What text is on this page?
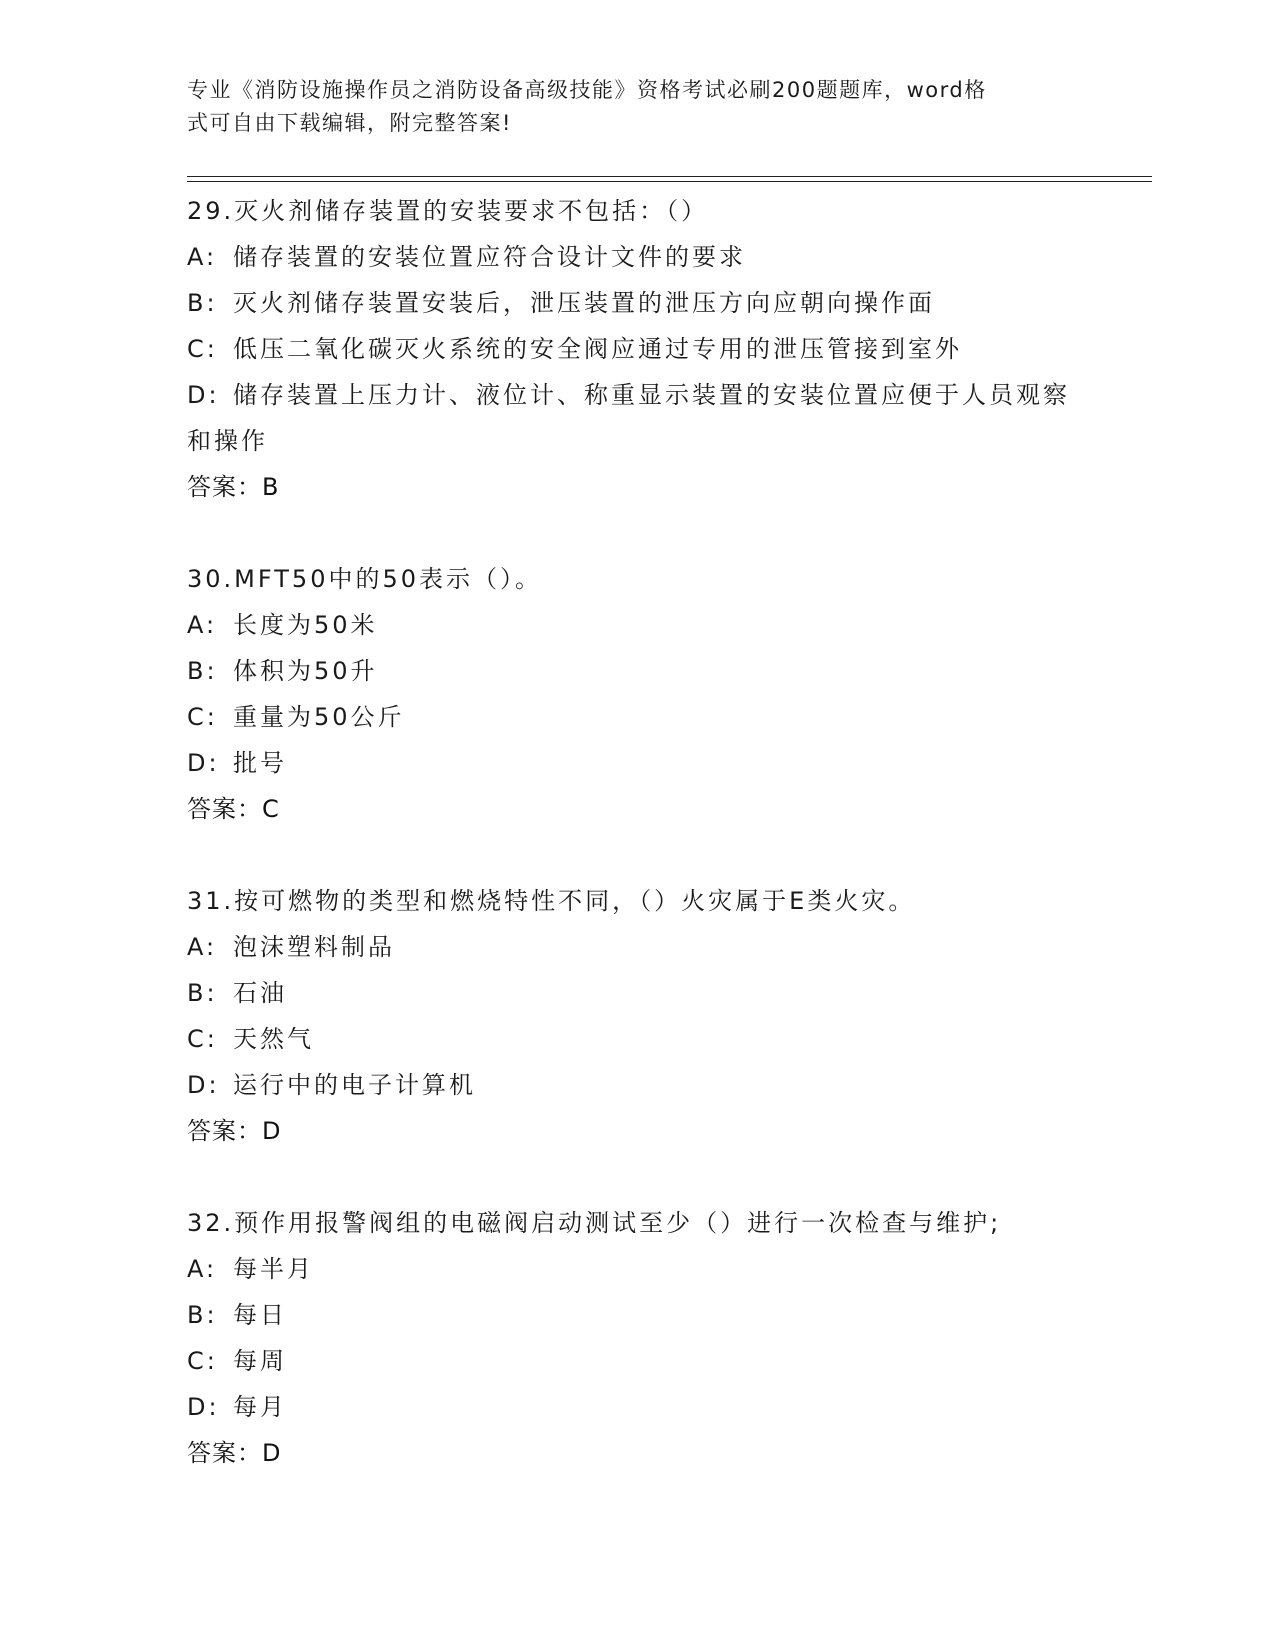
专业《消防设施操作员之消防设备高级技能》资格考试必刷200题题库，word格
式可自由下载编辑，附完整答案!
29.灭火剂储存装置的安装要求不包括：（）
A: 储存装置的安装位置应符合设计文件的要求
B: 灭火剂储存装置安装后，泄压装置的泄压方向应朝向操作面
C: 低压二氧化碳灭火系统的安全阀应通过专用的泄压管接到室外
D: 储存装置上压力计、液位计、称重显示装置的安装位置应便于人员观察和操作
答案：B
30.MFT50中的50表示（）。
A: 长度为50米
B: 体积为50升
C: 重量为50公斤
D: 批号
答案：C
31.按可燃物的类型和燃烧特性不同，（）火灾属于E类火灾。
A: 泡沫塑料制品
B: 石油
C: 天然气
D: 运行中的电子计算机
答案：D
32.预作用报警阀组的电磁阀启动测试至少（）进行一次检查与维护;
A: 每半月
B: 每日
C: 每周
D: 每月
答案：D
